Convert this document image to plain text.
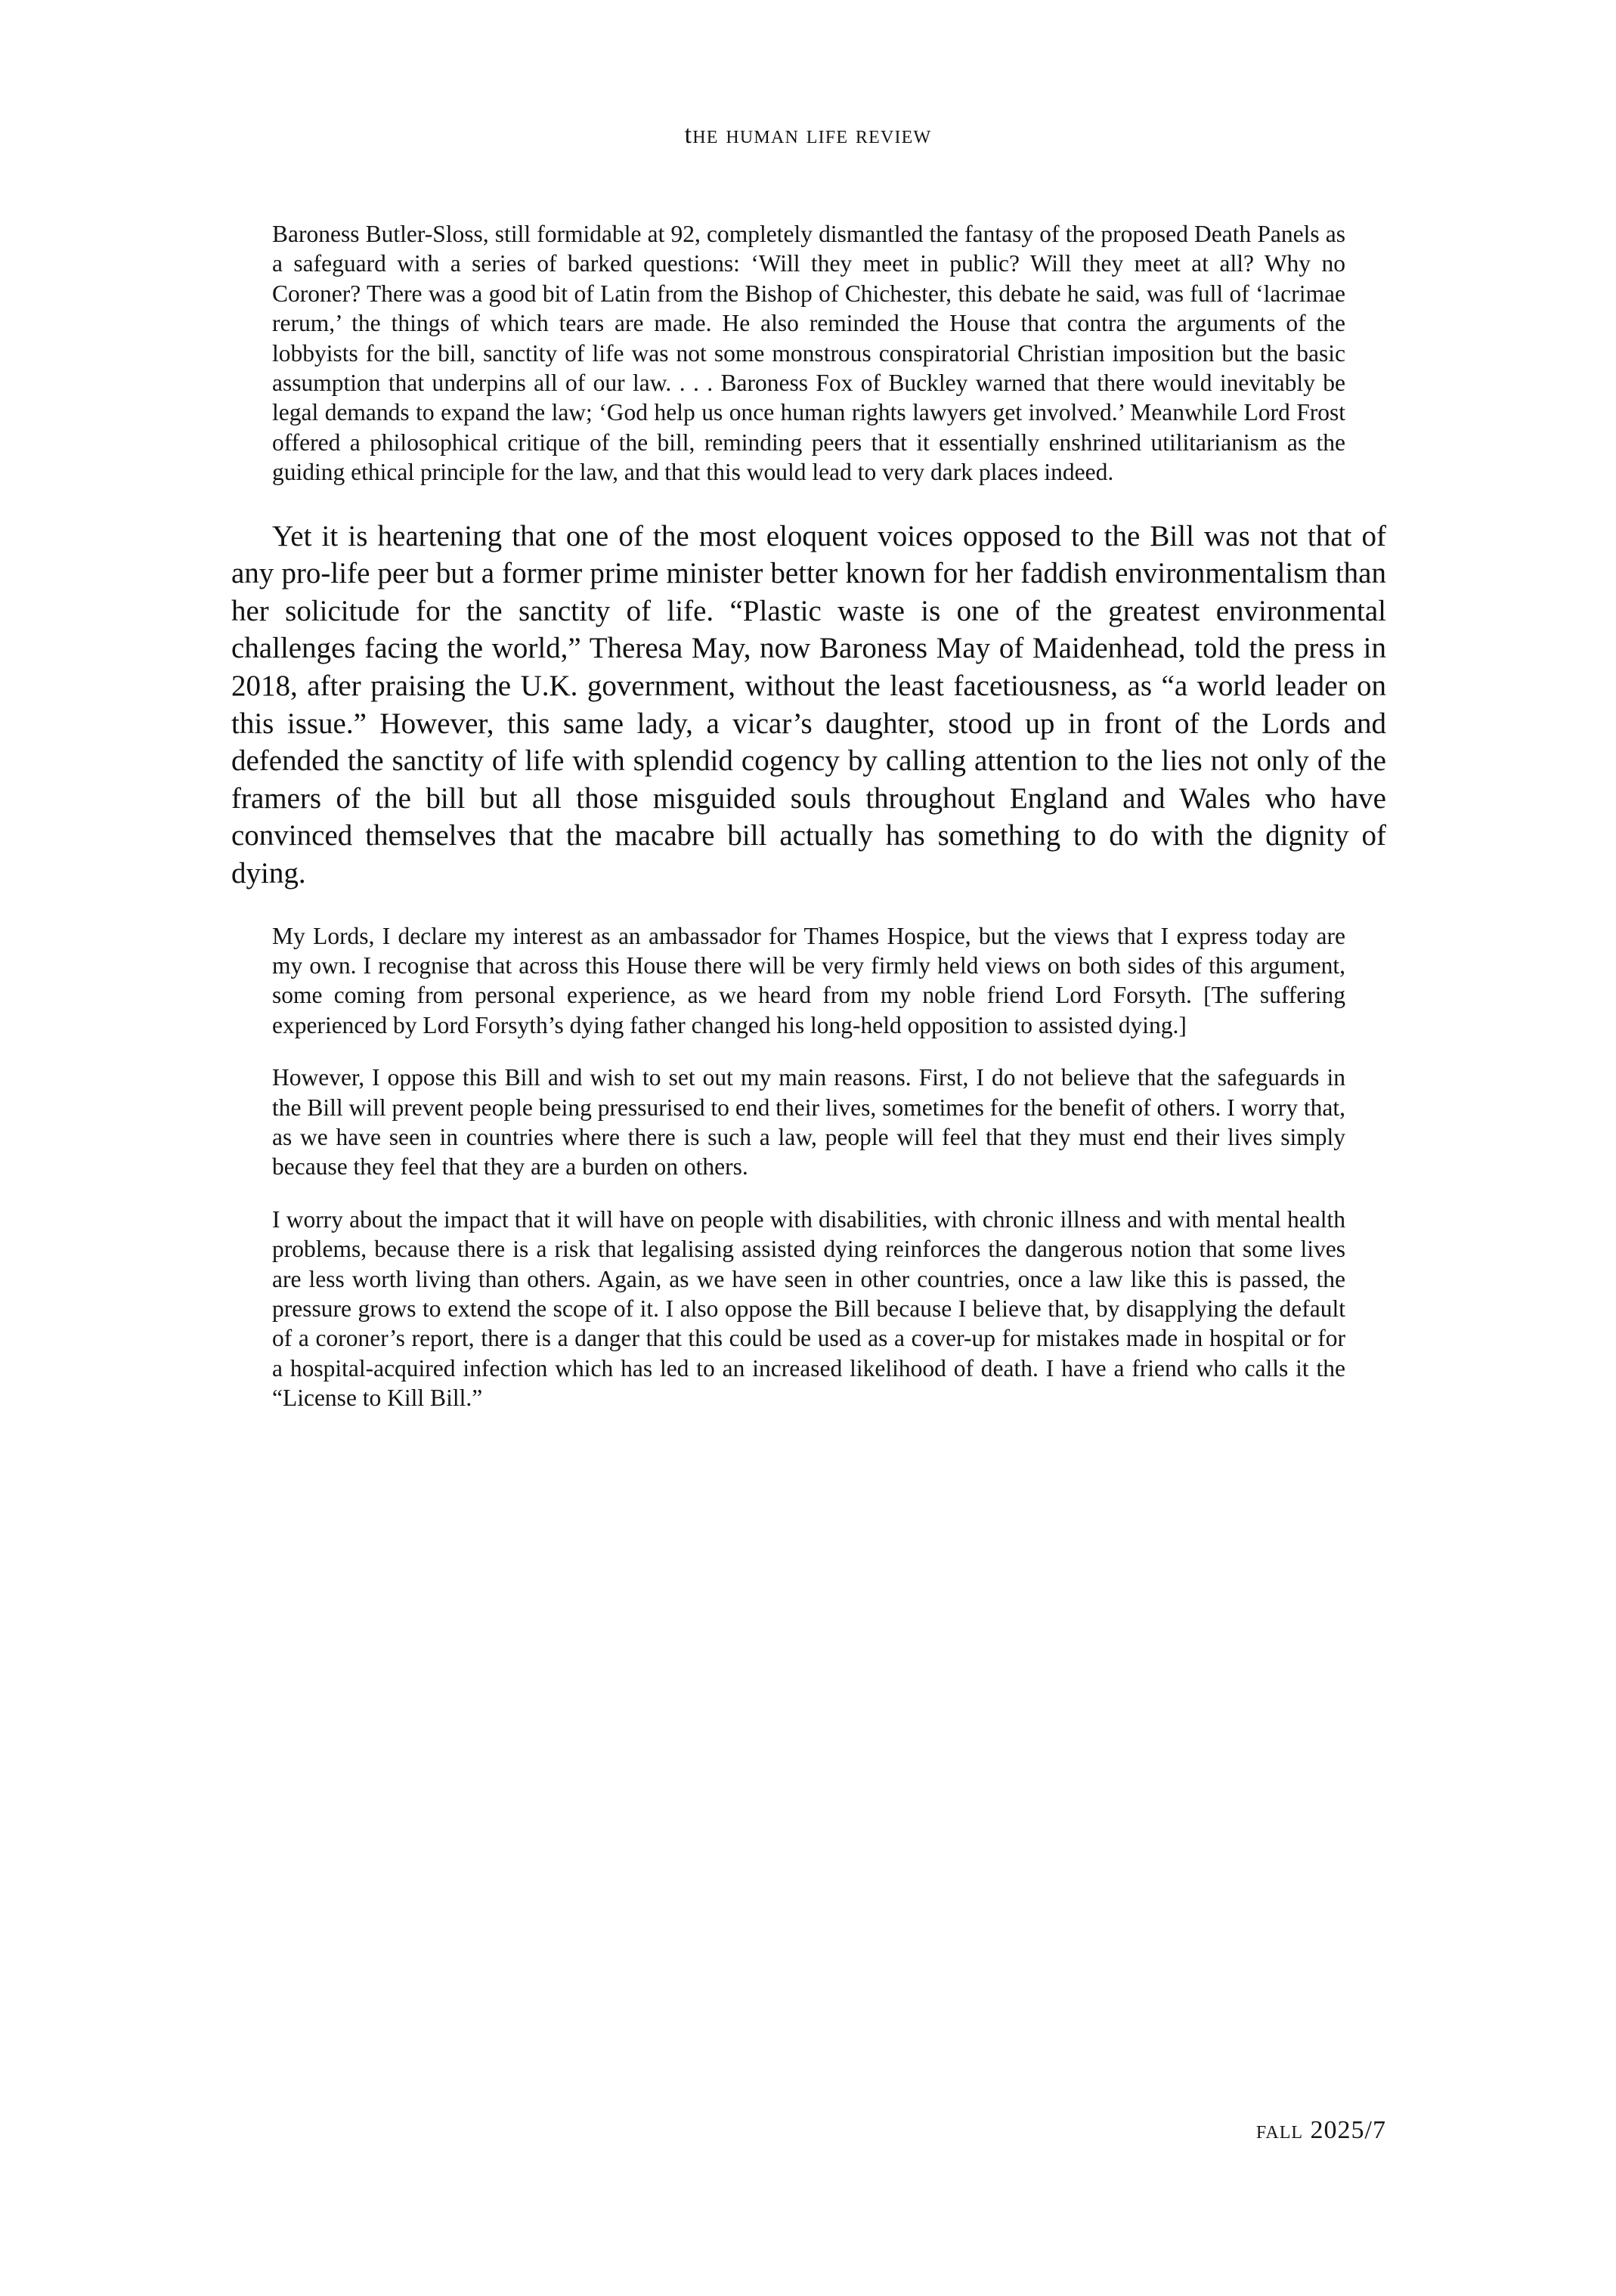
the human life review

Baroness Butler-Sloss, still formidable at 92, completely dismantled the fantasy of the proposed Death Panels as a safeguard with a series of barked questions: ‘Will they meet in public? Will they meet at all? Why no Coroner? There was a good bit of Latin from the Bishop of Chichester, this debate he said, was full of ‘lacrimae rerum,’ the things of which tears are made. He also reminded the House that contra the arguments of the lobbyists for the bill, sanctity of life was not some monstrous conspiratorial Christian imposition but the basic assumption that underpins all of our law. . . . Baroness Fox of Buckley warned that there would inevitably be legal demands to expand the law; ‘God help us once human rights lawyers get involved.’ Meanwhile Lord Frost offered a philosophical critique of the bill, reminding peers that it essentially enshrined utilitarianism as the guiding ethical principle for the law, and that this would lead to very dark places indeed.

Yet it is heartening that one of the most eloquent voices opposed to the Bill was not that of any pro-life peer but a former prime minister better known for her faddish environmentalism than her solicitude for the sanctity of life. “Plastic waste is one of the greatest environmental challenges facing the world,” Theresa May, now Baroness May of Maidenhead, told the press in 2018, after praising the U.K. government, without the least facetiousness, as “a world leader on this issue.” However, this same lady, a vicar’s daughter, stood up in front of the Lords and defended the sanctity of life with splendid cogency by calling attention to the lies not only of the framers of the bill but all those misguided souls throughout England and Wales who have convinced themselves that the macabre bill actually has something to do with the dignity of dying.

My Lords, I declare my interest as an ambassador for Thames Hospice, but the views that I express today are my own. I recognise that across this House there will be very firmly held views on both sides of this argument, some coming from personal experience, as we heard from my noble friend Lord Forsyth. [The suffering experienced by Lord Forsyth’s dying father changed his long-held opposition to assisted dying.]

However, I oppose this Bill and wish to set out my main reasons. First, I do not believe that the safeguards in the Bill will prevent people being pressurised to end their lives, sometimes for the benefit of others. I worry that, as we have seen in countries where there is such a law, people will feel that they must end their lives simply because they feel that they are a burden on others.

I worry about the impact that it will have on people with disabilities, with chronic illness and with mental health problems, because there is a risk that legalising assisted dying reinforces the dangerous notion that some lives are less worth living than others. Again, as we have seen in other countries, once a law like this is passed, the pressure grows to extend the scope of it. I also oppose the Bill because I believe that, by disapplying the default of a coroner’s report, there is a danger that this could be used as a cover-up for mistakes made in hospital or for a hospital-acquired infection which has led to an increased likelihood of death. I have a friend who calls it the “License to Kill Bill.”

fall 2025/7
